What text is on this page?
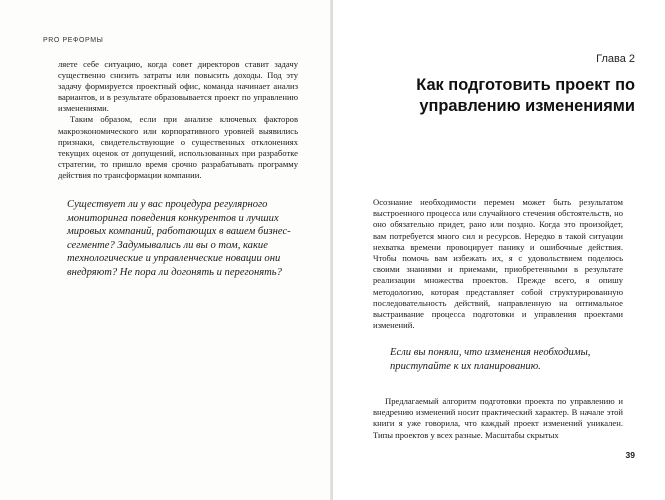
PRO РЕФОРМЫ

ляете себе ситуацию, когда совет директоров ставит задачу существенно снизить затраты или повысить доходы. Под эту задачу формируется проектный офис, команда начинает анализ вариантов, и в результате образовывается проект по управлению изменениями.

Таким образом, если при анализе ключевых факторов макроэкономического или корпоративного уровней выявились признаки, свидетельствующие о существенных отклонениях текущих оценок от допущений, использованных при разработке стратегии, то пришло время срочно разрабатывать программу действия по трансформации компании.

Существует ли у вас процедура регулярного мониторинга поведения конкурентов и лучших мировых компаний, работающих в вашем бизнес-сегменте? Задумывались ли вы о том, какие технологические и управленческие новации они внедряют? Не пора ли догонять и перегонять?
Глава 2
Как подготовить проект по управлению изменениями

Осознание необходимости перемен может быть результатом выстроенного процесса или случайного стечения обстоятельств, но оно обязательно придет, рано или поздно. Когда это произойдет, вам потребуется много сил и ресурсов. Нередко в такой ситуации нехватка времени провоцирует панику и ошибочные действия. Чтобы помочь вам избежать их, я с удовольствием поделюсь своими знаниями и приемами, приобретенными в результате реализации множества проектов. Прежде всего, я опишу методологию, которая представляет собой структурированную последовательность действий, направленную на оптимальное выстраивание процесса подготовки и управления проектами изменений.

Если вы поняли, что изменения необходимы, приступайте к их планированию.
Предлагаемый алгоритм подготовки проекта по управлению и внедрению изменений носит практический характер. В начале этой книги я уже говорила, что каждый проект изменений уникален. Типы проектов у всех разные. Масштабы скрытых
39
